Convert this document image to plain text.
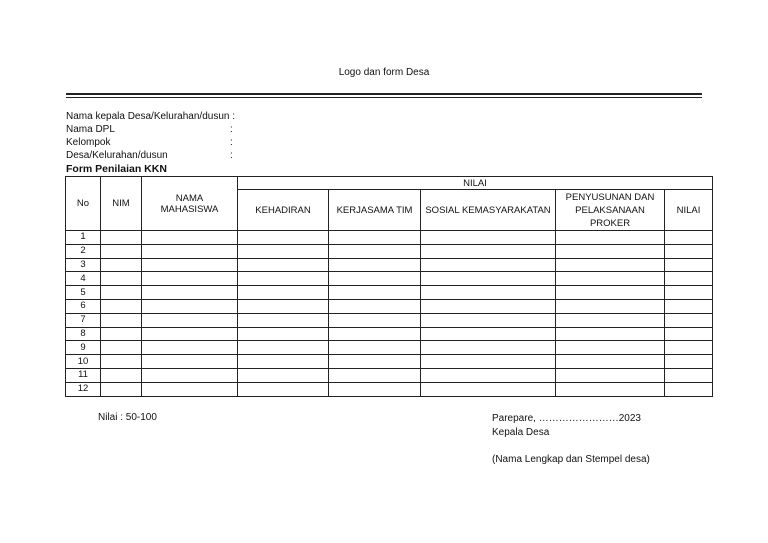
Logo dan form Desa
Nama kepala Desa/Kelurahan/dusun :
Nama DPL	:
Kelompok	:
Desa/Kelurahan/dusun	:
Form Penilaian KKN
No	NIM	NAMA MAHASISWA	NILAI				
			KEHADIRAN	KERJASAMA TIM	SOSIAL KEMASYARAKATAN	PENYUSUNAN DAN PELAKSANAAN PROKER	NILAI
1							
2							
3							
4							
5							
6							
7							
8							
9							
10							
11							
12							
Nilai : 50-100	Parepare, ……………………2023
Kepala Desa
(Nama Lengkap dan Stempel desa)
